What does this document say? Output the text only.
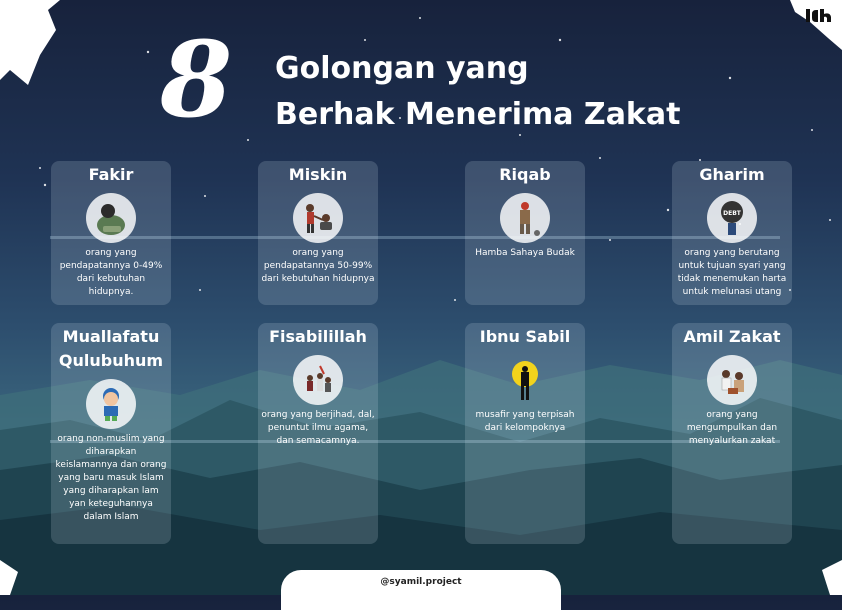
8 Golongan yang
Berhak Menerima Zakat
Fakir
orang yang pendapatannya 0-49% dari kebutuhan hidupnya.
Miskin
orang yang pendapatannya 50-99% dari kebutuhan hidupnya
Riqab
Hamba Sahaya Budak
Gharim
DEBT
orang yang berutang untuk tujuan syari yang tidak menemukan harta untuk melunasi utang
Muallafatu Qulubuhum
orang non-muslim yang diharapkan keislamannya dan orang yang baru masuk Islam yang diharapkan lam yan keteguhannya dalam Islam
Fisabilillah
orang yang berjihad, dal, penuntut ilmu agama, dan semacamnya.
Ibnu Sabil
musafir yang terpisah dari kelompoknya
Amil Zakat
orang yang mengumpulkan dan menyalurkan zakat
@syamil.project
